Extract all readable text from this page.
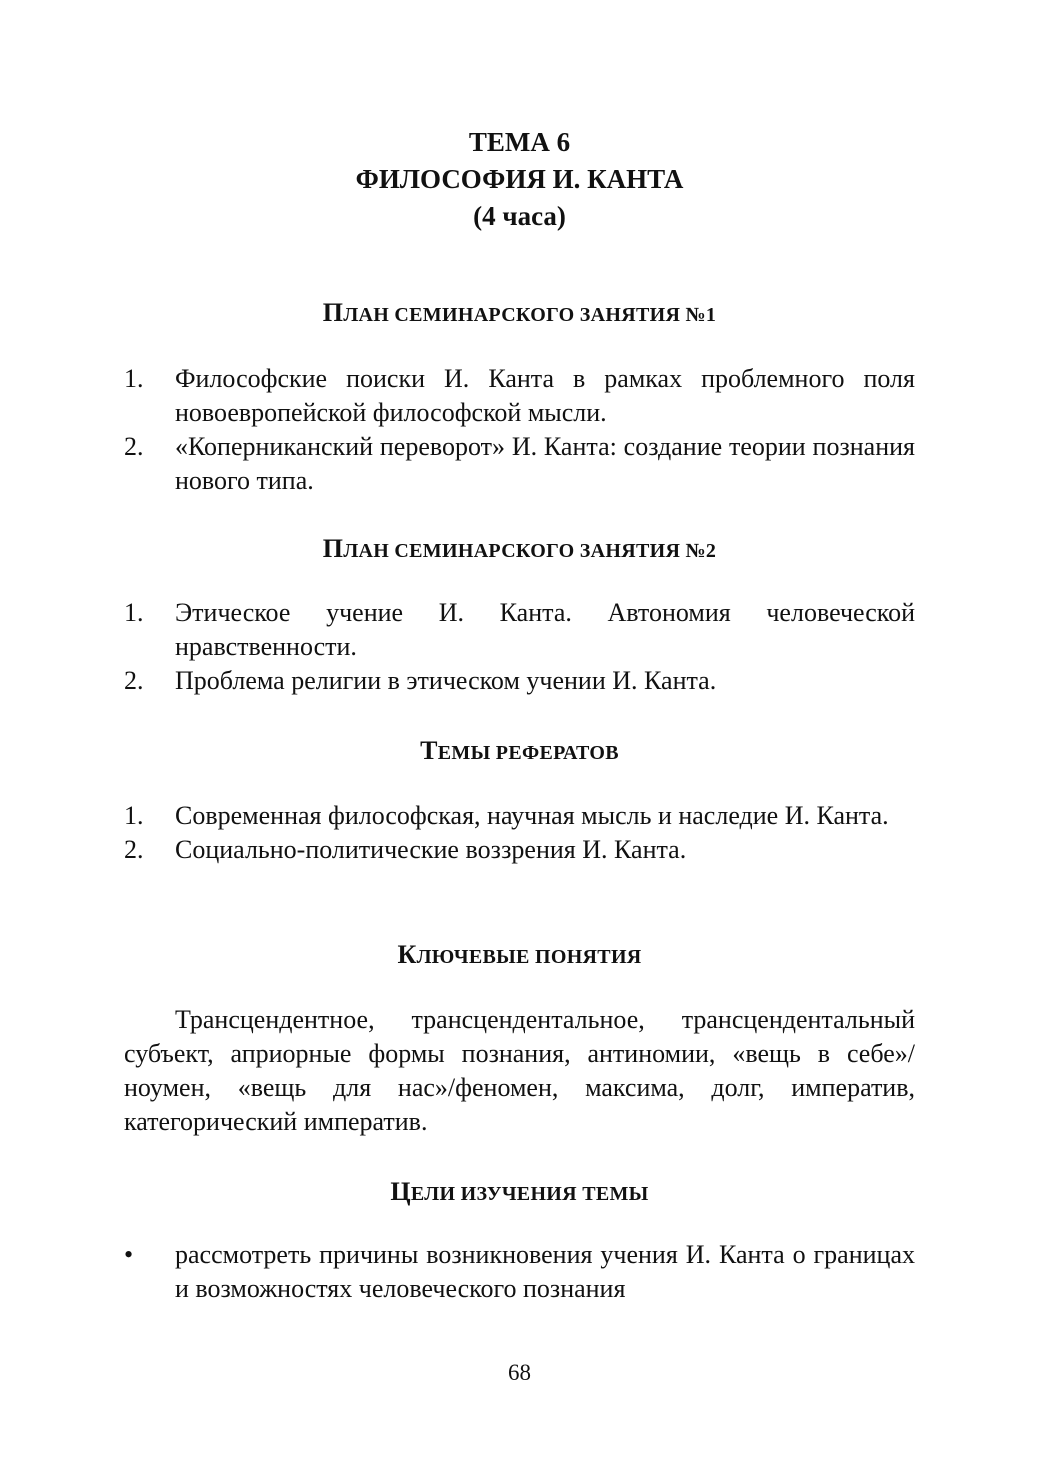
ТЕМА 6
ФИЛОСОФИЯ И. КАНТА
(4 часа)
ПЛАН СЕМИНАРСКОГО ЗАНЯТИЯ №1
1. Философские поиски И. Канта в рамках проблемного поля новоевропейской философской мысли.
2. «Коперниканский переворот» И. Канта: создание теории познания нового типа.
ПЛАН СЕМИНАРСКОГО ЗАНЯТИЯ №2
1. Этическое учение И. Канта. Автономия человеческой нравственности.
2. Проблема религии в этическом учении И. Канта.
ТЕМЫ РЕФЕРАТОВ
1. Современная философская, научная мысль и наследие И. Канта.
2. Социально-политические воззрения И. Канта.
КЛЮЧЕВЫЕ ПОНЯТИЯ

Трансцендентное, трансцендентальное, трансцендентальный субъект, априорные формы познания, антиномии, «вещь в себе»/ноумен, «вещь для нас»/феномен, максима, долг, императив, категорический императив.

ЦЕЛИ ИЗУЧЕНИЯ ТЕМЫ
• рассмотреть причины возникновения учения И. Канта о границах и возможностях человеческого познания
68
